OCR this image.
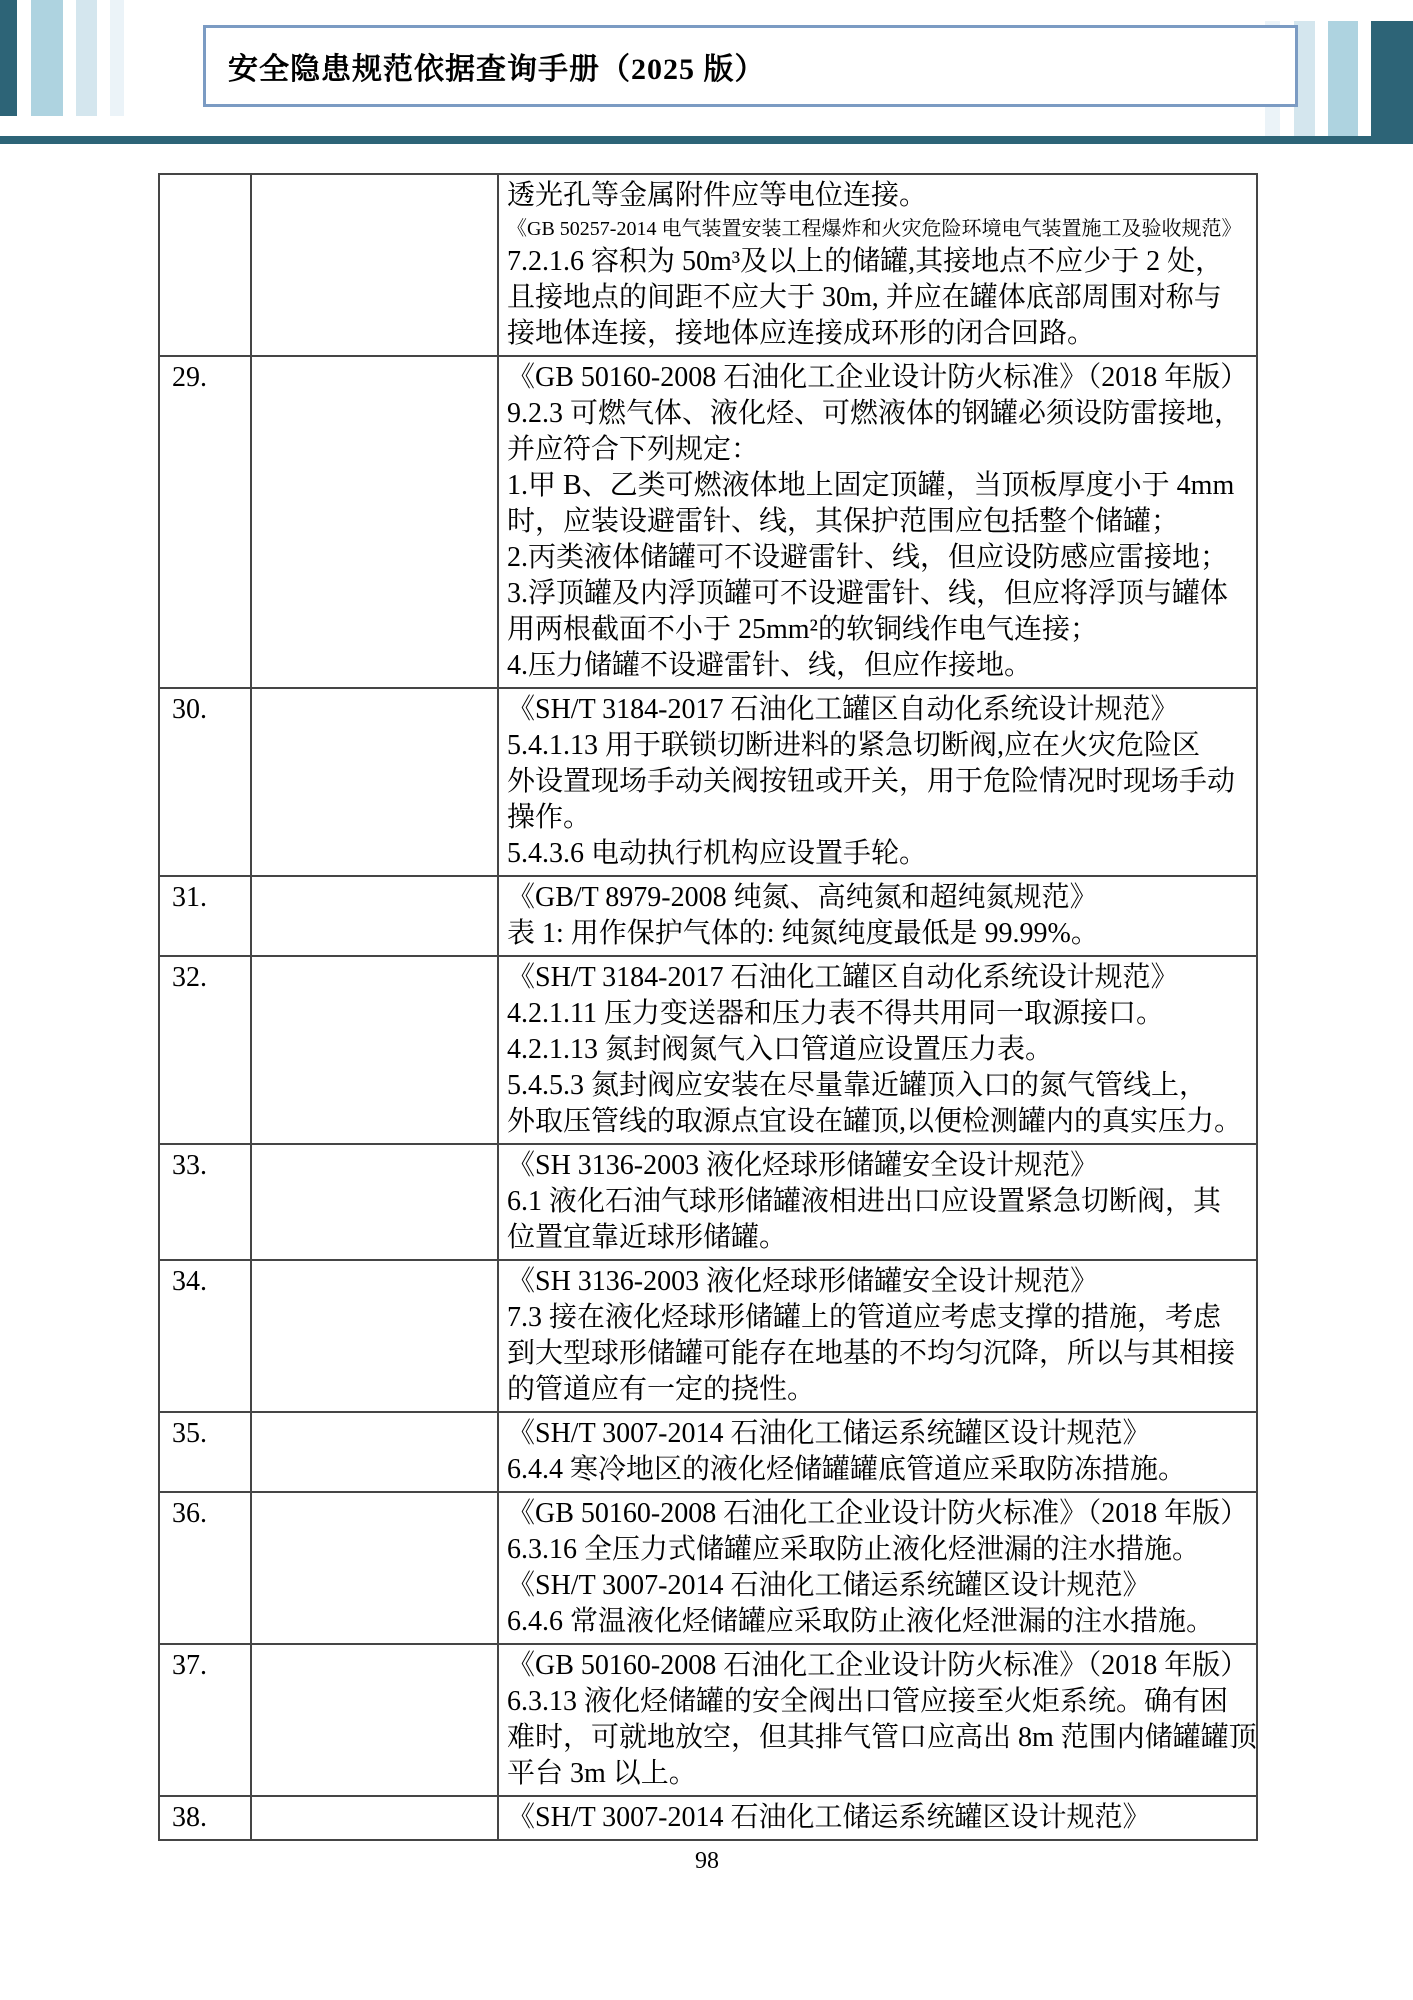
安全隐患规范依据查询手册（2025 版）

		透光孔等金属附件应等电位连接。
《GB 50257-2014 电气装置安装工程爆炸和火灾危险环境电气装置施工及验收规范》
7.2.1.6 容积为 50m³及以上的储罐,其接地点不应少于 2 处，
且接地点的间距不应大于 30m, 并应在罐体底部周围对称与
接地体连接，接地体应连接成环形的闭合回路。

29.		《GB 50160-2008 石油化工企业设计防火标准》（2018 年版）
9.2.3 可燃气体、液化烃、可燃液体的钢罐必须设防雷接地，
并应符合下列规定：
1.甲 B、乙类可燃液体地上固定顶罐，当顶板厚度小于 4mm
时，应装设避雷针、线，其保护范围应包括整个储罐；
2.丙类液体储罐可不设避雷针、线，但应设防感应雷接地；
3.浮顶罐及内浮顶罐可不设避雷针、线，但应将浮顶与罐体
用两根截面不小于 25mm²的软铜线作电气连接；
4.压力储罐不设避雷针、线，但应作接地。

30.		《SH/T 3184-2017 石油化工罐区自动化系统设计规范》
5.4.1.13 用于联锁切断进料的紧急切断阀,应在火灾危险区
外设置现场手动关阀按钮或开关，用于危险情况时现场手动
操作。
5.4.3.6 电动执行机构应设置手轮。

31.		《GB/T 8979-2008 纯氮、高纯氮和超纯氮规范》
表 1: 用作保护气体的: 纯氮纯度最低是 99.99%。

32.		《SH/T 3184-2017 石油化工罐区自动化系统设计规范》
4.2.1.11 压力变送器和压力表不得共用同一取源接口。
4.2.1.13 氮封阀氮气入口管道应设置压力表。
5.4.5.3 氮封阀应安装在尽量靠近罐顶入口的氮气管线上，
外取压管线的取源点宜设在罐顶,以便检测罐内的真实压力。

33.		《SH 3136-2003 液化烃球形储罐安全设计规范》
6.1 液化石油气球形储罐液相进出口应设置紧急切断阀，其
位置宜靠近球形储罐。

34.		《SH 3136-2003 液化烃球形储罐安全设计规范》
7.3 接在液化烃球形储罐上的管道应考虑支撑的措施，考虑
到大型球形储罐可能存在地基的不均匀沉降，所以与其相接
的管道应有一定的挠性。

35.		《SH/T 3007-2014 石油化工储运系统罐区设计规范》
6.4.4 寒冷地区的液化烃储罐罐底管道应采取防冻措施。

36.		《GB 50160-2008 石油化工企业设计防火标准》（2018 年版）
6.3.16 全压力式储罐应采取防止液化烃泄漏的注水措施。
《SH/T 3007-2014 石油化工储运系统罐区设计规范》
6.4.6 常温液化烃储罐应采取防止液化烃泄漏的注水措施。

37.		《GB 50160-2008 石油化工企业设计防火标准》（2018 年版）
6.3.13 液化烃储罐的安全阀出口管应接至火炬系统。确有困
难时，可就地放空，但其排气管口应高出 8m 范围内储罐罐顶
平台 3m 以上。

38.		《SH/T 3007-2014 石油化工储运系统罐区设计规范》
98
